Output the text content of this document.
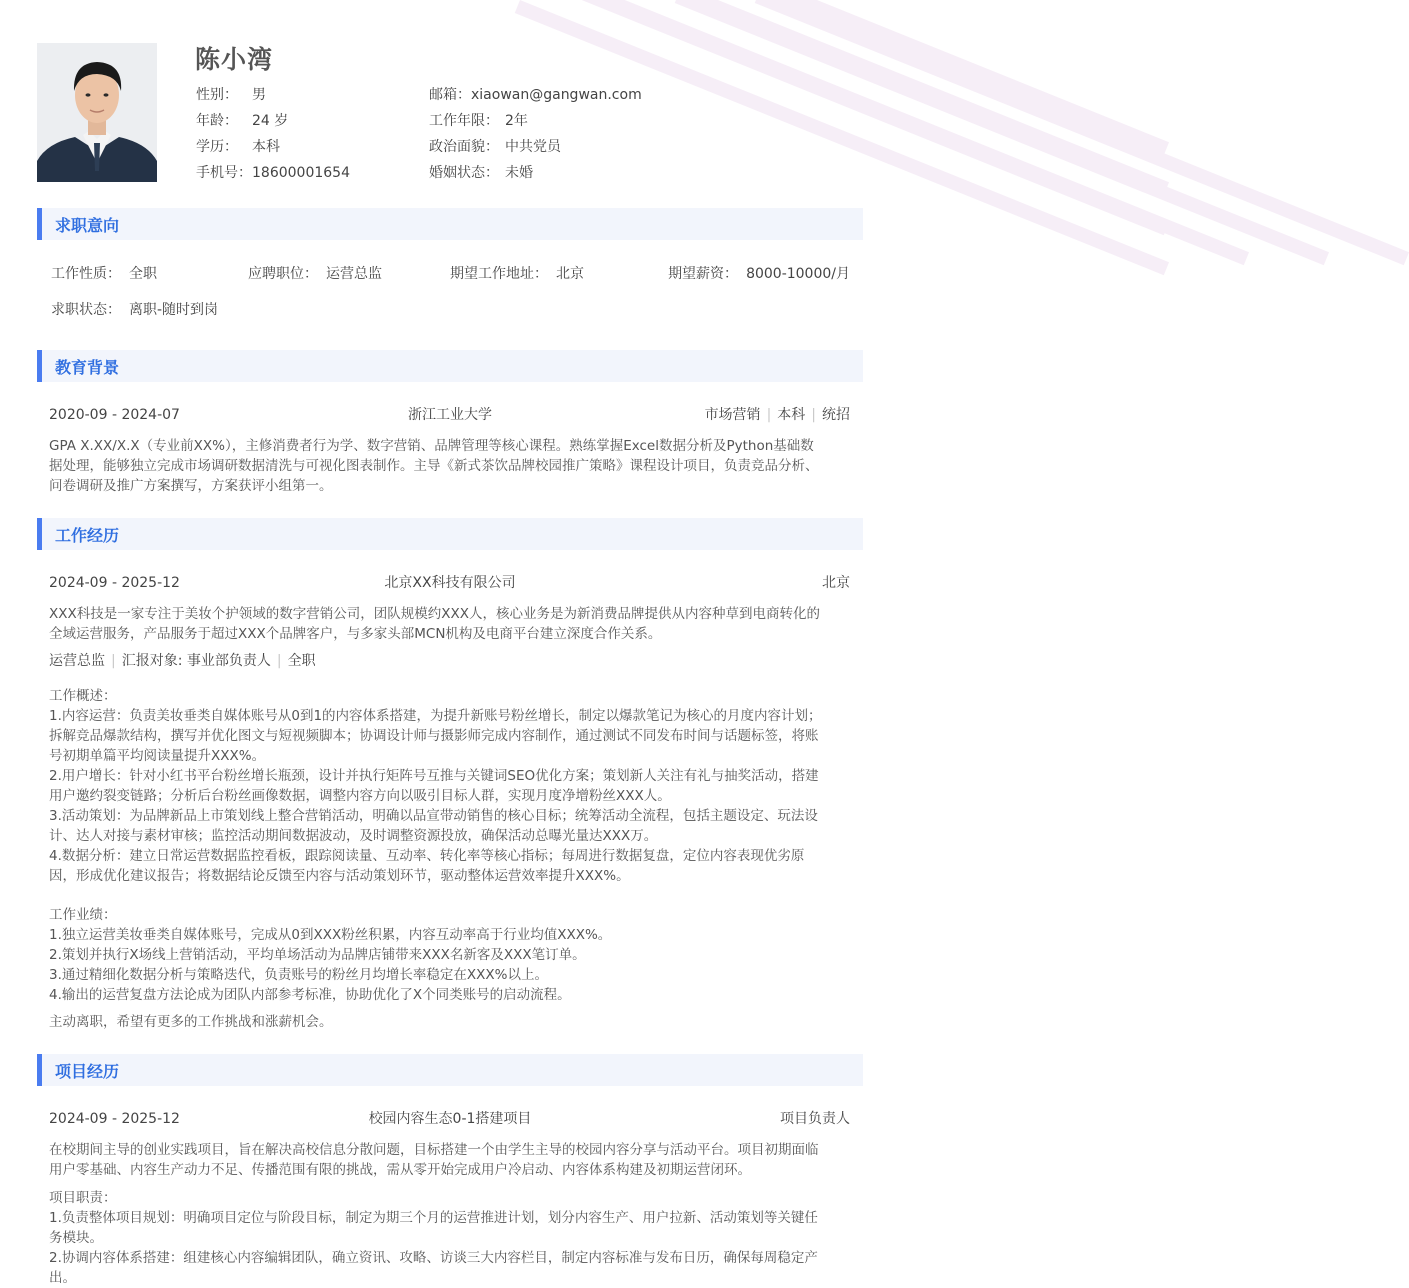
陈小湾
性别： 男
年龄： 24 岁
学历： 本科
手机号：18600001654
邮箱：xiaowan@gangwan.com
工作年限： 2年
政治面貌： 中共党员
婚姻状态： 未婚
求职意向
工作性质： 全职	应聘职位： 运营总监	期望工作地址： 北京	期望薪资： 8000-10000/月
求职状态： 离职-随时到岗
教育背景
2020-09 - 2024-07	浙江工业大学	市场营销 | 本科 | 统招
GPA X.XX/X.X（专业前XX%），主修消费者行为学、数字营销、品牌管理等核心课程。熟练掌握Excel数据分析及Python基础数
据处理，能够独立完成市场调研数据清洗与可视化图表制作。主导《新式茶饮品牌校园推广策略》课程设计项目，负责竞品分析、
问卷调研及推广方案撰写，方案获评小组第一。
工作经历
2024-09 - 2025-12	北京XX科技有限公司	北京
XXX科技是一家专注于美妆个护领域的数字营销公司，团队规模约XXX人，核心业务是为新消费品牌提供从内容种草到电商转化的
全域运营服务，产品服务于超过XXX个品牌客户，与多家头部MCN机构及电商平台建立深度合作关系。
运营总监 | 汇报对象: 事业部负责人 | 全职
工作概述：
1.内容运营：负责美妆垂类自媒体账号从0到1的内容体系搭建，为提升新账号粉丝增长，制定以爆款笔记为核心的月度内容计划；
拆解竞品爆款结构，撰写并优化图文与短视频脚本；协调设计师与摄影师完成内容制作，通过测试不同发布时间与话题标签，将账
号初期单篇平均阅读量提升XXX%。
2.用户增长：针对小红书平台粉丝增长瓶颈，设计并执行矩阵号互推与关键词SEO优化方案；策划新人关注有礼与抽奖活动，搭建
用户邀约裂变链路；分析后台粉丝画像数据，调整内容方向以吸引目标人群，实现月度净增粉丝XXX人。
3.活动策划：为品牌新品上市策划线上整合营销活动，明确以品宣带动销售的核心目标；统筹活动全流程，包括主题设定、玩法设
计、达人对接与素材审核；监控活动期间数据波动，及时调整资源投放，确保活动总曝光量达XXX万。
4.数据分析：建立日常运营数据监控看板，跟踪阅读量、互动率、转化率等核心指标；每周进行数据复盘，定位内容表现优劣原
因，形成优化建议报告；将数据结论反馈至内容与活动策划环节，驱动整体运营效率提升XXX%。
工作业绩：
1.独立运营美妆垂类自媒体账号，完成从0到XXX粉丝积累，内容互动率高于行业均值XXX%。
2.策划并执行X场线上营销活动，平均单场活动为品牌店铺带来XXX名新客及XXX笔订单。
3.通过精细化数据分析与策略迭代，负责账号的粉丝月均增长率稳定在XXX%以上。
4.输出的运营复盘方法论成为团队内部参考标准，协助优化了X个同类账号的启动流程。
主动离职，希望有更多的工作挑战和涨薪机会。
项目经历
2024-09 - 2025-12	校园内容生态0-1搭建项目	项目负责人
在校期间主导的创业实践项目，旨在解决高校信息分散问题，目标搭建一个由学生主导的校园内容分享与活动平台。项目初期面临
用户零基础、内容生产动力不足、传播范围有限的挑战，需从零开始完成用户冷启动、内容体系构建及初期运营闭环。
项目职责：
1.负责整体项目规划：明确项目定位与阶段目标，制定为期三个月的运营推进计划，划分内容生产、用户拉新、活动策划等关键任
务模块。
2.协调内容体系搭建：组建核心内容编辑团队，确立资讯、攻略、访谈三大内容栏目，制定内容标准与发布日历，确保每周稳定产
出。
